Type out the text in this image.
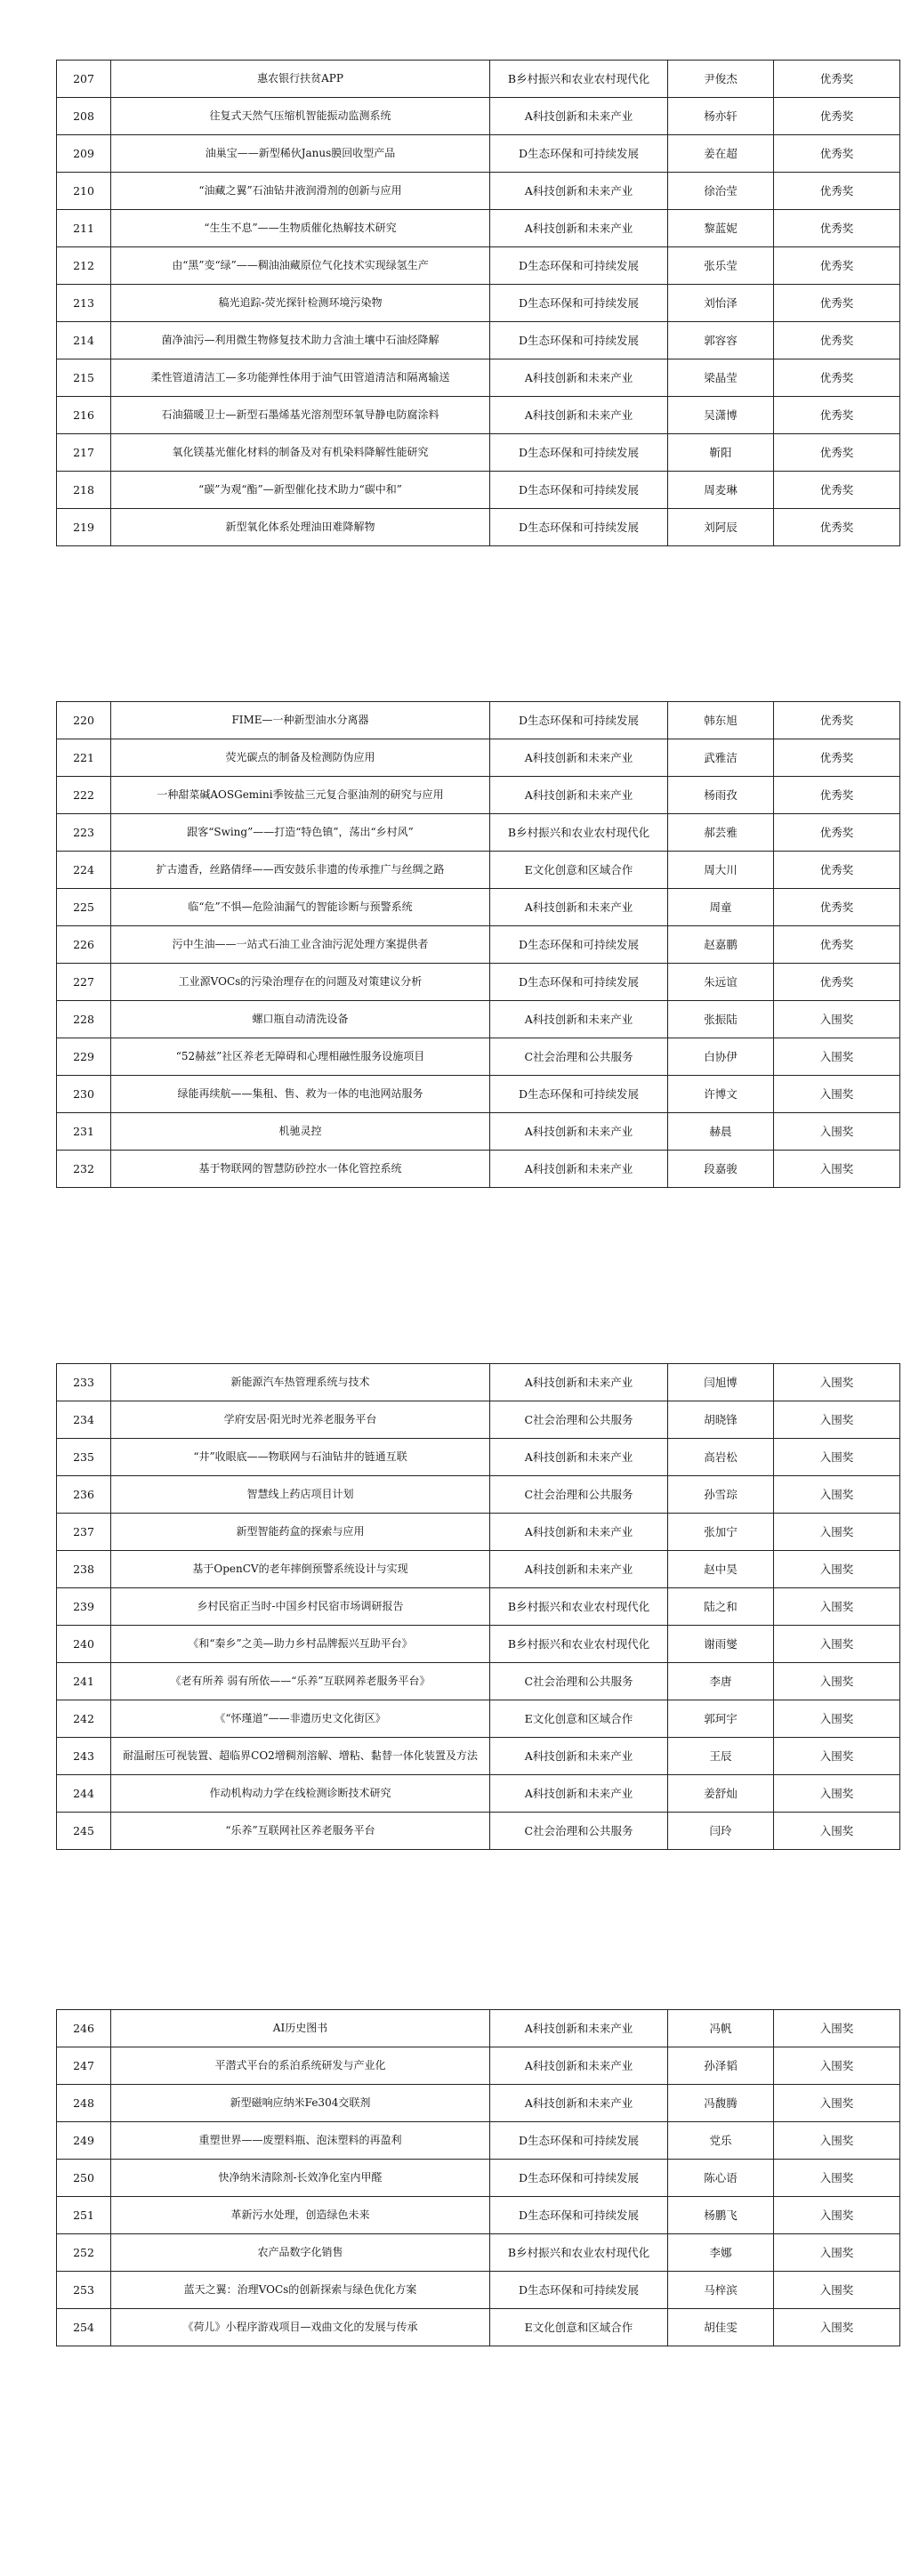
207	惠农银行扶贫APP	B乡村振兴和农业农村现代化	尹俊杰	优秀奖
208	往复式天然气压缩机智能振动监测系统	A科技创新和未来产业	杨亦轩	优秀奖
209	油巢宝——新型稀伙Janus膜回收型产品	D生态环保和可持续发展	姜在超	优秀奖
210	“油藏之翼”石油钻井液润滑剂的创新与应用	A科技创新和未来产业	徐治莹	优秀奖
211	“生生不息”——生物质催化热解技术研究	A科技创新和未来产业	黎蓝妮	优秀奖
212	由“黑”变“绿”——稠油油藏原位气化技术实现绿氢生产	D生态环保和可持续发展	张乐莹	优秀奖
213	稿光追踪-荧光探针检测环境污染物	D生态环保和可持续发展	刘怡泽	优秀奖
214	菌净油污—利用微生物修复技术助力含油土壤中石油烃降解	D生态环保和可持续发展	郭容容	优秀奖
215	柔性管道清洁工—多功能弹性体用于油气田管道清洁和隔离输送	A科技创新和未来产业	梁晶莹	优秀奖
216	石油猫暖卫士—新型石墨烯基光溶剂型环氧导静电防腐涂料	A科技创新和未来产业	吴潇博	优秀奖
217	氧化镁基光催化材料的制备及对有机染料降解性能研究	D生态环保和可持续发展	靳阳	优秀奖
218	“碳”为观“酯”—新型催化技术助力“碳中和”	D生态环保和可持续发展	周麦琳	优秀奖
219	新型氧化体系处理油田难降解物	D生态环保和可持续发展	刘阿辰	优秀奖
220	FIME—一种新型油水分离器	D生态环保和可持续发展	韩东旭	优秀奖
221	荧光碳点的制备及检测防伪应用	A科技创新和未来产业	武雅洁	优秀奖
222	一种甜菜碱AOSGemini季铵盐三元复合驱油剂的研究与应用	A科技创新和未来产业	杨雨孜	优秀奖
223	跟客“Swing”——打造“特色镇”，荡出“乡村风”	B乡村振兴和农业农村现代化	郝芸雅	优秀奖
224	扩古遗香，丝路倩绎——西安鼓乐非遗的传承推广与丝绸之路	E文化创意和区域合作	周大川	优秀奖
225	临“危”不惧—危险油漏气的智能诊断与预警系统	A科技创新和未来产业	周童	优秀奖
226	污中生油——一站式石油工业含油污泥处理方案提供者	D生态环保和可持续发展	赵嘉鹏	优秀奖
227	工业源VOCs的污染治理存在的问题及对策建议分析	D生态环保和可持续发展	朱远谊	优秀奖
228	螺口瓶自动清洗设备	A科技创新和未来产业	张振陆	入围奖
229	“52赫兹”社区养老无障碍和心理相融性服务设施项目	C社会治理和公共服务	白协伊	入围奖
230	绿能再续航——集租、售、救为一体的电池网站服务	D生态环保和可持续发展	许博文	入围奖
231	机驰灵控	A科技创新和未来产业	赫晨	入围奖
232	基于物联网的智慧防砂控水一体化管控系统	A科技创新和未来产业	段嘉骏	入围奖
233	新能源汽车热管理系统与技术	A科技创新和未来产业	闫旭博	入围奖
234	学府安居·阳光时光养老服务平台	C社会治理和公共服务	胡晓锋	入围奖
235	“井”收眼底——物联网与石油钻井的链通互联	A科技创新和未来产业	高岩松	入围奖
236	智慧线上药店项目计划	C社会治理和公共服务	孙雪琮	入围奖
237	新型智能药盒的探索与应用	A科技创新和未来产业	张加宁	入围奖
238	基于OpenCV的老年摔倒预警系统设计与实现	A科技创新和未来产业	赵中昊	入围奖
239	乡村民宿正当时-中国乡村民宿市场调研报告	B乡村振兴和农业农村现代化	陆之和	入围奖
240	《和“秦乡”之美—助力乡村品牌振兴互助平台》	B乡村振兴和农业农村现代化	谢雨燮	入围奖
241	《老有所养 弱有所依——“乐养”互联网养老服务平台》	C社会治理和公共服务	李唐	入围奖
242	《“怀瑾道”——非遗历史文化街区》	E文化创意和区域合作	郭珂宇	入围奖
243	耐温耐压可视装置、超临界CO2增稠剂溶解、增粘、黏替一体化装置及方法	A科技创新和未来产业	王辰	入围奖
244	作动机构动力学在线检测诊断技术研究	A科技创新和未来产业	姜舒灿	入围奖
245	“乐养”互联网社区养老服务平台	C社会治理和公共服务	闫玲	入围奖
246	AI历史图书	A科技创新和未来产业	冯帆	入围奖
247	平潜式平台的系泊系统研发与产业化	A科技创新和未来产业	孙泽韬	入围奖
248	新型磁响应纳米Fe304交联剂	A科技创新和未来产业	冯馥腾	入围奖
249	重塑世界——废塑料瓶、泡沫塑料的再盈利	D生态环保和可持续发展	党乐	入围奖
250	快净纳米清除剂-长效净化室内甲醛	D生态环保和可持续发展	陈心语	入围奖
251	革新污水处理，创造绿色未来	D生态环保和可持续发展	杨鹏飞	入围奖
252	农产品数字化销售	B乡村振兴和农业农村现代化	李娜	入围奖
253	蓝天之翼：治理VOCs的创新探索与绿色优化方案	D生态环保和可持续发展	马梓滨	入围奖
254	《荷儿》小程序游戏项目—戏曲文化的发展与传承	E文化创意和区域合作	胡佳雯	入围奖
